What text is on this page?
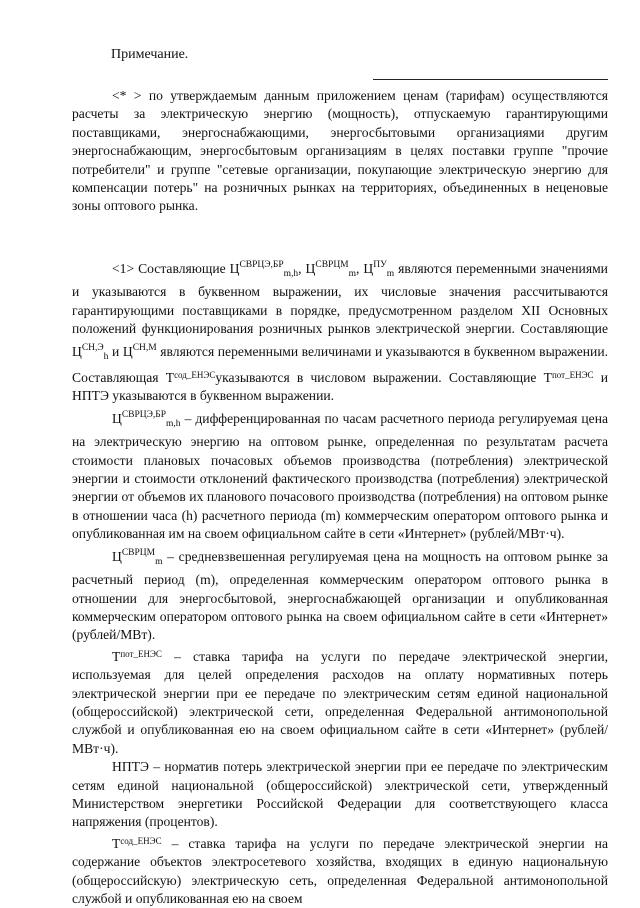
Примечание.
<* > по утверждаемым данным приложением ценам (тарифам) осуществляются расчеты за электрическую энергию (мощность), отпускаемую гарантирующими поставщиками, энергоснабжающими, энергосбытовыми организациями другим энергоснабжающим, энергосбытовым организациям в целях поставки группе "прочие потребители" и группе "сетевые организации, покупающие электрическую энергию для компенсации потерь" на розничных рынках на территориях, объединенных в неценовые зоны оптового рынка.
<1> Составляющие $Ц^{СВРЦЭ,БР}_{m,h}$, $Ц^{СВРЦМ}_m$, $Ц^{ПУ}_m$ являются переменными значениями и указываются в буквенном выражении, их числовые значения рассчитываются гарантирующими поставщиками в порядке, предусмотренном разделом XII Основных положений функционирования розничных рынков электрической энергии. Составляющие $Ц^{СН,Э}_h$ и $Ц^{СН,М}$ являются переменными величинами и указываются в буквенном выражении. Составляющая $Т^{сод\_ЕНЭС}указываются$ в числовом выражении. Составляющие $Т^{пот\_ЕНЭС}$ и НПТЭ указываются в буквенном выражении.
$Ц^{СВРЦЭ,БР}_{m,h}$ – дифференцированная по часам расчетного периода регулируемая цена на электрическую энергию на оптовом рынке, определенная по результатам расчета стоимости плановых почасовых объемов производства (потребления) электрической энергии и стоимости отклонений фактического производства (потребления) электрической энергии от объемов их планового почасового производства (потребления) на оптовом рынке в отношении часа (h) расчетного периода (m) коммерческим оператором оптового рынка и опубликованная им на своем официальном сайте в сети «Интернет» (рублей/МВт·ч).
$Ц^{СВРЦМ}_m$ – средневзвешенная регулируемая цена на мощность на оптовом рынке за расчетный период (m), определенная коммерческим оператором оптового рынка в отношении для энергосбытовой, энергоснабжающей организации и опубликованная коммерческим оператором оптового рынка на своем официальном сайте в сети «Интернет» (рублей/МВт).
$Т^{пот\_ЕНЭС}$ – ставка тарифа на услуги по передаче электрической энергии, используемая для целей определения расходов на оплату нормативных потерь электрической энергии при ее передаче по электрическим сетям единой национальной (общероссийской) электрической сети, определенная Федеральной антимонопольной службой и опубликованная ею на своем официальном сайте в сети «Интернет» (рублей/МВт·ч).
НПТЭ – норматив потерь электрической энергии при ее передаче по электрическим сетям единой национальной (общероссийской) электрической сети, утвержденный Министерством энергетики Российской Федерации для соответствующего класса напряжения (процентов).
$Т^{сод\_ЕНЭС}$ – ставка тарифа на услуги по передаче электрической энергии на содержание объектов электросетевого хозяйства, входящих в единую национальную (общероссийскую) электрическую сеть, определенная Федеральной антимонопольной службой и опубликованная ею на своем
